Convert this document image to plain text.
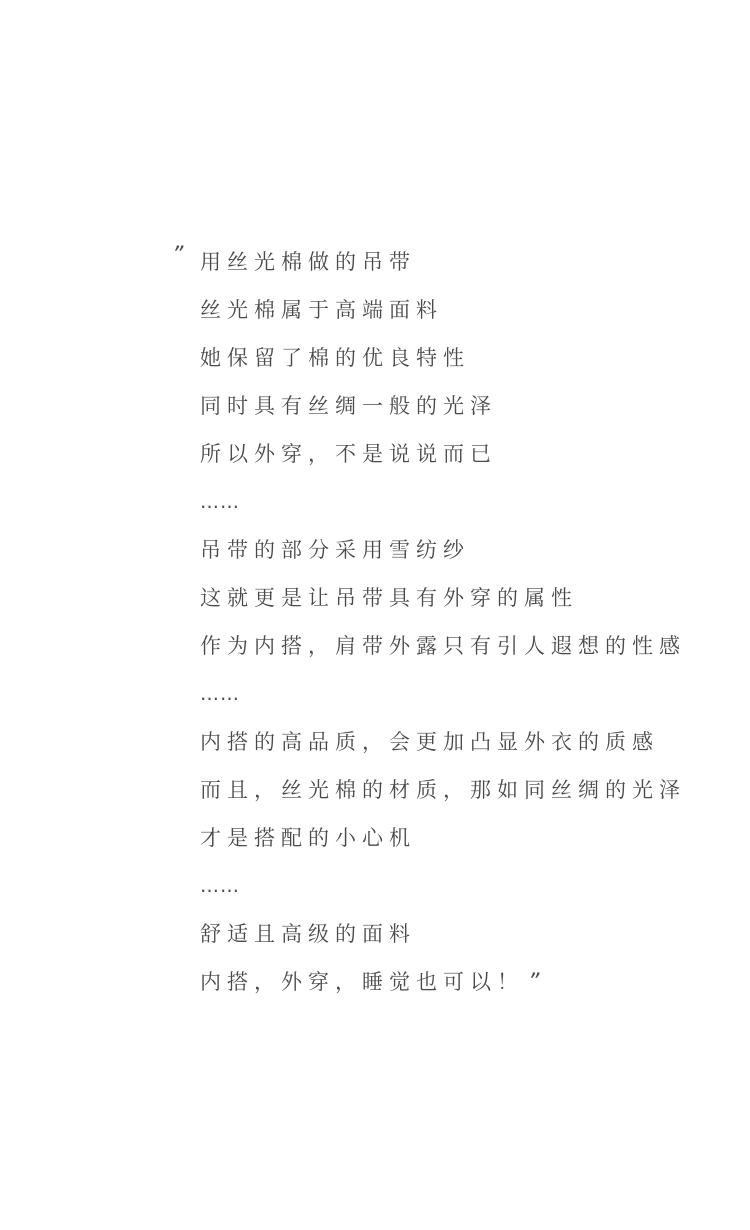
” 用丝光棉做的吊带
丝光棉属于高端面料
她保留了棉的优良特性
同时具有丝绸一般的光泽
所以外穿，不是说说而已
……
吊带的部分采用雪纺纱
这就更是让吊带具有外穿的属性
作为内搭，肩带外露只有引人遐想的性感
……
内搭的高品质，会更加凸显外衣的质感
而且，丝光棉的材质，那如同丝绸的光泽
才是搭配的小心机
……
舒适且高级的面料
内搭，外穿，睡觉也可以！ ”
